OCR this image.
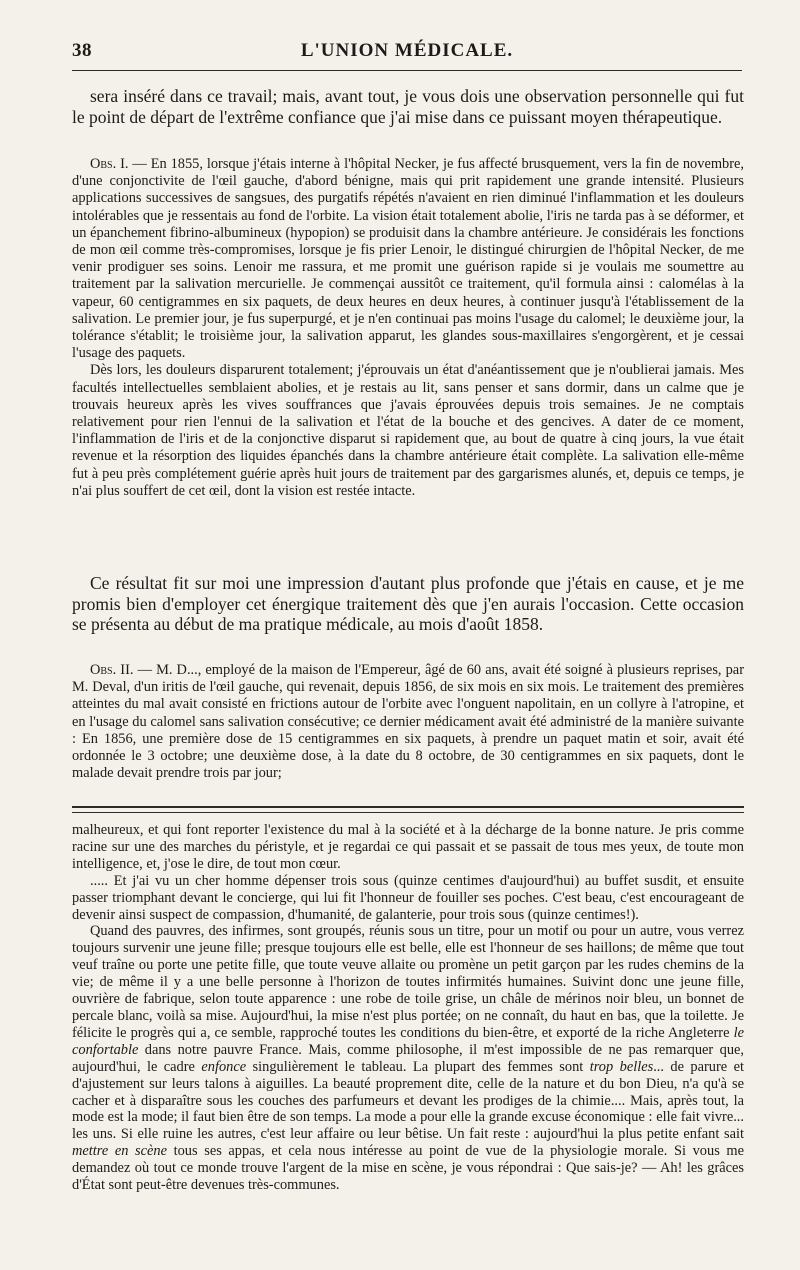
38	L'UNION MÉDICALE.

sera inséré dans ce travail; mais, avant tout, je vous dois une observation personnelle qui fut le point de départ de l'extrême confiance que j'ai mise dans ce puissant moyen thérapeutique.

Obs. I. — En 1855, lorsque j'étais interne à l'hôpital Necker, je fus affecté brusquement, vers la fin de novembre, d'une conjonctivite de l'œil gauche, d'abord bénigne, mais qui prit rapidement une grande intensité. Plusieurs applications successives de sangsues, des purgatifs répétés n'avaient en rien diminué l'inflammation et les douleurs intolérables que je ressentais au fond de l'orbite. La vision était totalement abolie, l'iris ne tarda pas à se déformer, et un épanchement fibrino-albumineux (hypopion) se produisit dans la chambre antérieure. Je considérais les fonctions de mon œil comme très-compromises, lorsque je fis prier Lenoir, le distingué chirurgien de l'hôpital Necker, de me venir prodiguer ses soins. Lenoir me rassura, et me promit une guérison rapide si je voulais me soumettre au traitement par la salivation mercurielle. Je commençai aussitôt ce traitement, qu'il formula ainsi : calomélas à la vapeur, 60 centigrammes en six paquets, de deux heures en deux heures, à continuer jusqu'à l'établissement de la salivation. Le premier jour, je fus superpurgé, et je n'en continuai pas moins l'usage du calomel; le deuxième jour, la tolérance s'établit; le troisième jour, la salivation apparut, les glandes sous-maxillaires s'engorgèrent, et je cessai l'usage des paquets.

Dès lors, les douleurs disparurent totalement; j'éprouvais un état d'anéantissement que je n'oublierai jamais. Mes facultés intellectuelles semblaient abolies, et je restais au lit, sans penser et sans dormir, dans un calme que je trouvais heureux après les vives souffrances que j'avais éprouvées depuis trois semaines. Je ne comptais relativement pour rien l'ennui de la salivation et l'état de la bouche et des gencives. A dater de ce moment, l'inflammation de l'iris et de la conjonctive disparut si rapidement que, au bout de quatre à cinq jours, la vue était revenue et la résorption des liquides épanchés dans la chambre antérieure était complète. La salivation elle-même fut à peu près complétement guérie après huit jours de traitement par des gargarismes alunés, et, depuis ce temps, je n'ai plus souffert de cet œil, dont la vision est restée intacte.

Ce résultat fit sur moi une impression d'autant plus profonde que j'étais en cause, et je me promis bien d'employer cet énergique traitement dès que j'en aurais l'occasion. Cette occasion se présenta au début de ma pratique médicale, au mois d'août 1858.

Obs. II. — M. D..., employé de la maison de l'Empereur, âgé de 60 ans, avait été soigné à plusieurs reprises, par M. Deval, d'un iritis de l'œil gauche, qui revenait, depuis 1856, de six mois en six mois. Le traitement des premières atteintes du mal avait consisté en frictions autour de l'orbite avec l'onguent napolitain, en un collyre à l'atropine, et en l'usage du calomel sans salivation consécutive; ce dernier médicament avait été administré de la manière suivante : En 1856, une première dose de 15 centigrammes en six paquets, à prendre un paquet matin et soir, avait été ordonnée le 3 octobre; une deuxième dose, à la date du 8 octobre, de 30 centigrammes en six paquets, dont le malade devait prendre trois par jour;

malheureux, et qui font reporter l'existence du mal à la société et à la décharge de la bonne nature. Je pris comme racine sur une des marches du péristyle, et je regardai ce qui passait et se passait de tous mes yeux, de toute mon intelligence, et, j'ose le dire, de tout mon cœur.

..... Et j'ai vu un cher homme dépenser trois sous (quinze centimes d'aujourd'hui) au buffet susdit, et ensuite passer triomphant devant le concierge, qui lui fit l'honneur de fouiller ses poches. C'est beau, c'est encourageant de devenir ainsi suspect de compassion, d'humanité, de galanterie, pour trois sous (quinze centimes!).

Quand des pauvres, des infirmes, sont groupés, réunis sous un titre, pour un motif ou pour un autre, vous verrez toujours survenir une jeune fille; presque toujours elle est belle, elle est l'honneur de ses haillons; de même que tout veuf traîne ou porte une petite fille, que toute veuve allaite ou promène un petit garçon par les rudes chemins de la vie; de même il y a une belle personne à l'horizon de toutes infirmités humaines. Suivint donc une jeune fille, ouvrière de fabrique, selon toute apparence : une robe de toile grise, un châle de mérinos noir bleu, un bonnet de percale blanc, voilà sa mise. Aujourd'hui, la mise n'est plus portée; on ne connaît, du haut en bas, que la toilette. Je félicite le progrès qui a, ce semble, rapproché toutes les conditions du bien-être, et exporté de la riche Angleterre le confortable dans notre pauvre France. Mais, comme philosophe, il m'est impossible de ne pas remarquer que, aujourd'hui, le cadre enfonce singulièrement le tableau. La plupart des femmes sont trop belles... de parure et d'ajustement sur leurs talons à aiguilles. La beauté proprement dite, celle de la nature et du bon Dieu, n'a qu'à se cacher et à disparaître sous les couches des parfumeurs et devant les prodiges de la chimie.... Mais, après tout, la mode est la mode; il faut bien être de son temps. La mode a pour elle la grande excuse économique : elle fait vivre... les uns. Si elle ruine les autres, c'est leur affaire ou leur bêtise. Un fait reste : aujourd'hui la plus petite enfant sait mettre en scène tous ses appas, et cela nous intéresse au point de vue de la physiologie morale. Si vous me demandez où tout ce monde trouve l'argent de la mise en scène, je vous répondrai : Que sais-je? — Ah! les grâces d'État sont peut-être devenues très-communes.
